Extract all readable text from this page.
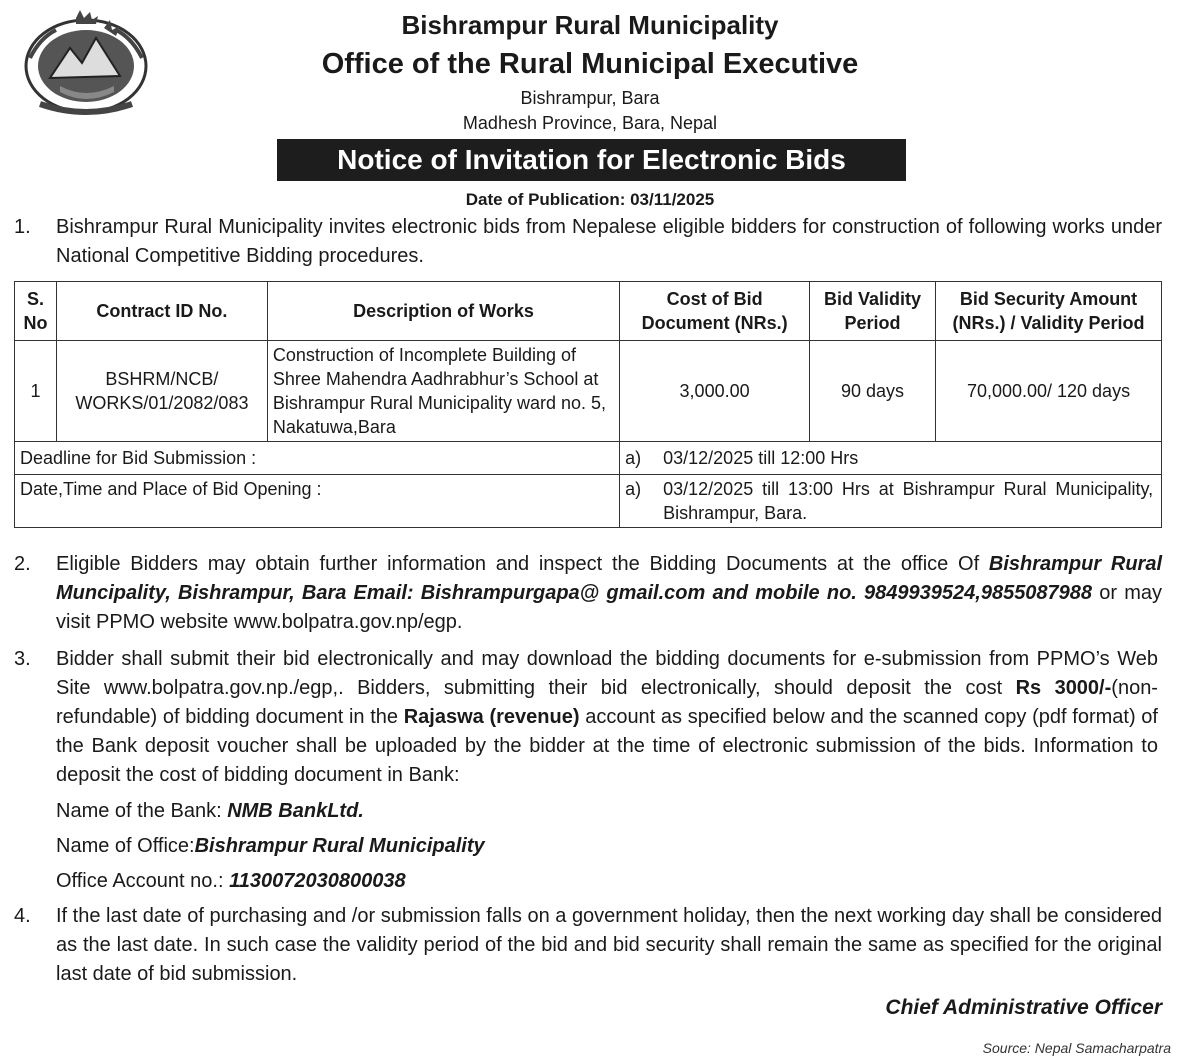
Bishrampur Rural Municipality
Office of the Rural Municipal Executive
Bishrampur, Bara
Madhesh Province, Bara, Nepal
Notice of Invitation for Electronic Bids
Date of Publication: 03/11/2025
1. Bishrampur Rural Municipality invites electronic bids from Nepalese eligible bidders for construction of following works under National Competitive Bidding procedures.
S. No	Contract ID No.	Description of Works	Cost of Bid Document (NRs.)	Bid Validity Period	Bid Security Amount (NRs.) / Validity Period
1	BSHRM/NCB/ WORKS/01/2082/083	Construction of Incomplete Building of Shree Mahendra Aadhrabhur’s School at Bishrampur Rural Municipality ward no. 5, Nakatuwa,Bara	3,000.00	90 days	70,000.00/ 120 days
Deadline for Bid Submission :			a) 03/12/2025 till 12:00 Hrs		
Date,Time and Place of Bid Opening :			a) 03/12/2025 till 13:00 Hrs at Bishrampur Rural Municipality, Bishrampur, Bara.		
2. Eligible Bidders may obtain further information and inspect the Bidding Documents at the office Of Bishrampur Rural Muncipality, Bishrampur, Bara Email: Bishrampurgapa@ gmail.com and mobile no. 9849939524,9855087988 or may visit PPMO website www.bolpatra.gov.np/egp.
3. Bidder shall submit their bid electronically and may download the bidding documents for e-submission from PPMO’s Web Site www.bolpatra.gov.np./egp,. Bidders, submitting their bid electronically, should deposit the cost Rs 3000/-(non-refundable) of bidding document in the Rajaswa (revenue) account as specified below and the scanned copy (pdf format) of the Bank deposit voucher shall be uploaded by the bidder at the time of electronic submission of the bids. Information to deposit the cost of bidding document in Bank:
Name of the Bank: NMB BankLtd.
Name of Office:Bishrampur Rural Municipality
Office Account no.: 1130072030800038
4. If the last date of purchasing and /or submission falls on a government holiday, then the next working day shall be considered as the last date. In such case the validity period of the bid and bid security shall remain the same as specified for the original last date of bid submission.
Chief Administrative Officer
Source: Nepal Samacharpatra
